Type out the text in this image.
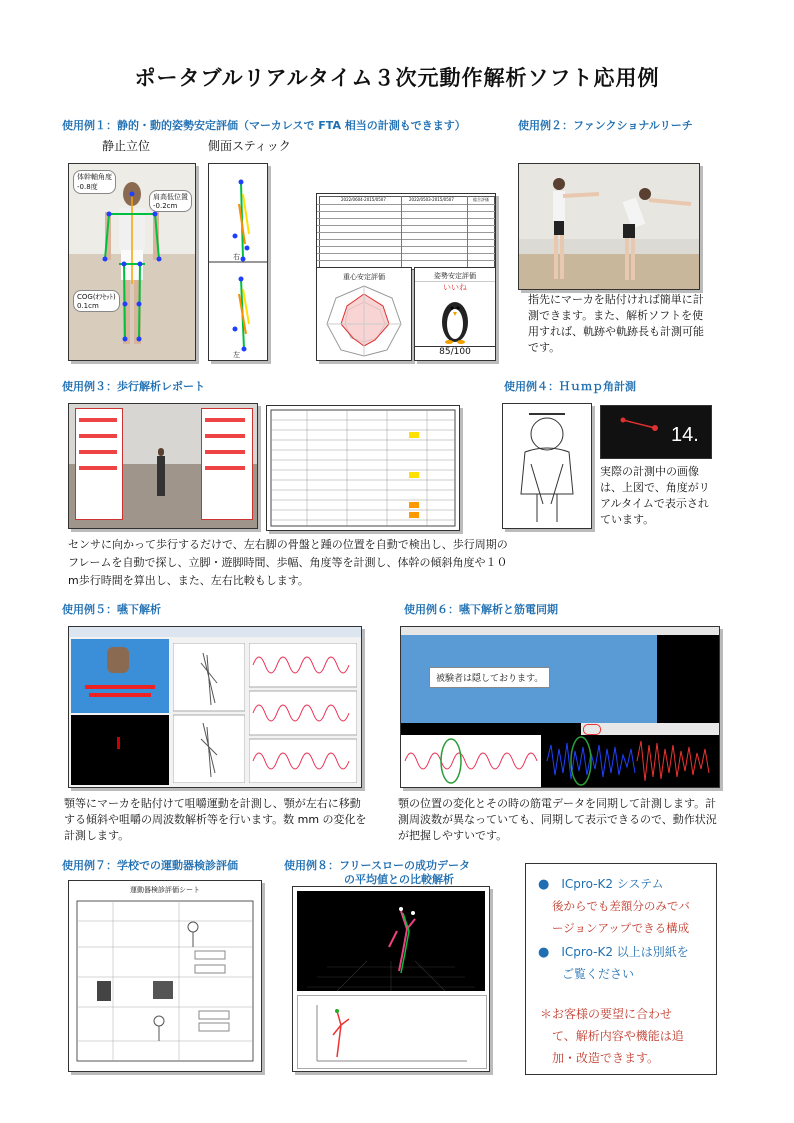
ポータブルリアルタイム３次元動作解析ソフト応用例
使用例１：静的・動的姿勢安定評価（マーカレスで FTA 相当の計測もできます）
静止立位	側面スティック
体幹軸角度
-0.8度
肩高低位置
-0.2cm
COG(ｵﾌｾｯﾄ)
0.1cm
右
左
2022/0604-2015/0507	2022/0503-2015/0507	総合評価
重心安定評価	姿勢安定評価
いいね
85/100
使用例２：ファンクショナルリーチ
指先にマーカを貼付ければ簡単に計測できます。また、解析ソフトを使用すれば、軌跡や軌跡長も計測可能です。
使用例３：歩行解析レポート
センサに向かって歩行するだけで、左右脚の骨盤と踵の位置を自動で検出し、歩行周期のフレームを自動で探し、立脚・遊脚時間、歩幅、角度等を計測し、体幹の傾斜角度や１０m歩行時間を算出し、また、左右比較もします。
使用例４：Ｈｕｍｐ角計測
14.
実際の計測中の画像は、上図で、角度がリアルタイムで表示されています。
使用例５：嚥下解析
顎等にマーカを貼付けて咀嚼運動を計測し、顎が左右に移動する傾斜や咀嚼の周波数解析等を行います。数 mm の変化を計測します。
使用例６：嚥下解析と筋電同期
被験者は隠しております。
顎の位置の変化とその時の筋電データを同期して計測します。計測周波数が異なっていても、同期して表示できるので、動作状況が把握しやすいです。
使用例７：学校での運動器検診評価
運動器検診評価シート
使用例８：フリースローの成功データ
の平均値との比較解析	●　 ICpro-K2 システム
後からでも差額分のみでバ
ージョンアップできる構成
●　 ICpro-K2 以上は別紙を
ご覧ください
＊お客様の要望に合わせ
て、解析内容や機能は追
加・改造できます。
